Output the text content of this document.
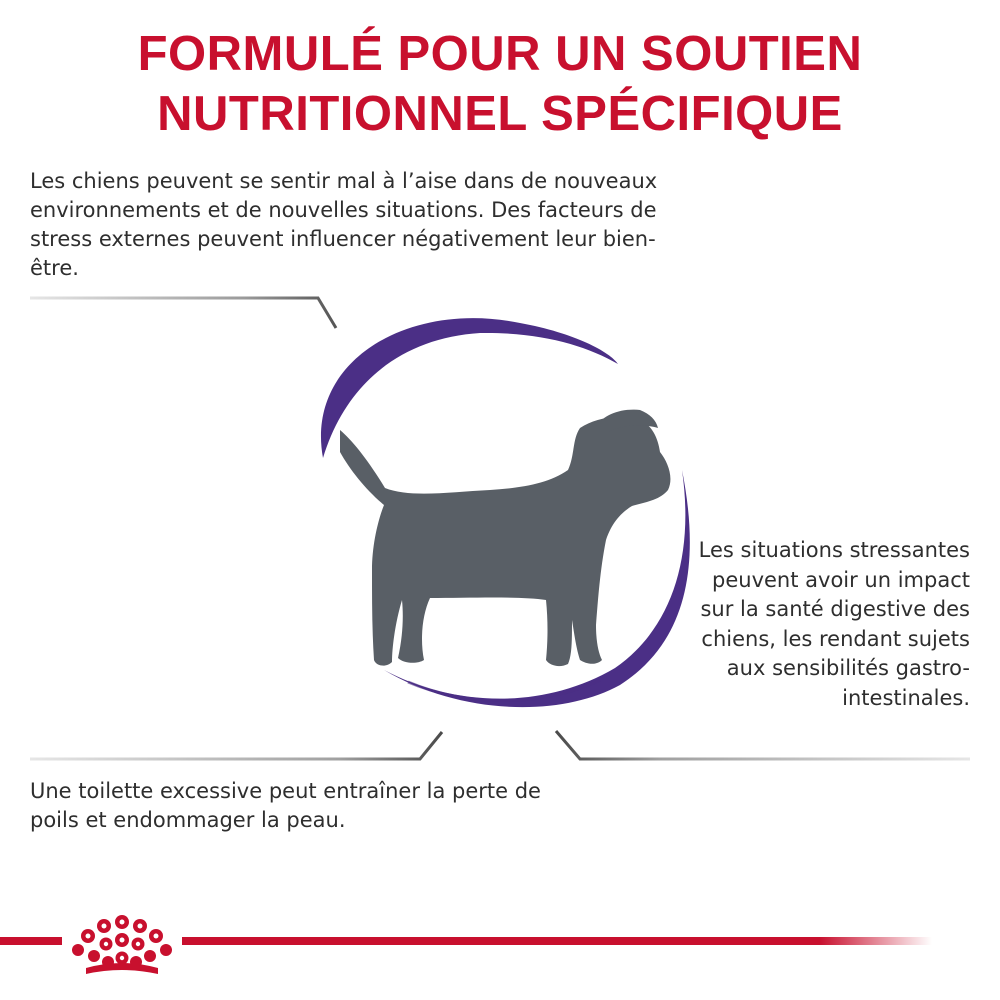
FORMULÉ POUR UN SOUTIEN
NUTRITIONNEL SPÉCIFIQUE

Les chiens peuvent se sentir mal à l’aise dans de nouveaux environnements et de nouvelles situations. Des facteurs de stress externes peuvent influencer négativement leur bien-être.

Les situations stressantes peuvent avoir un impact sur la santé digestive des chiens, les rendant sujets aux sensibilités gastro-intestinales.

Une toilette excessive peut entraîner la perte de poils et endommager la peau.
